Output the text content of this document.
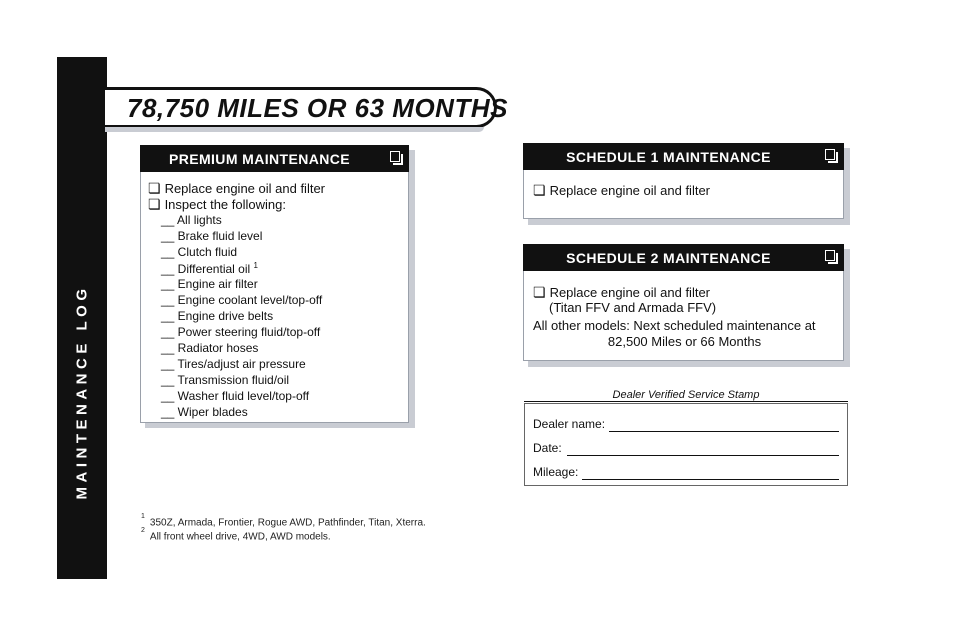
MAINTENANCE LOG
40
78,750 MILES OR 63 MONTHS
PREMIUM MAINTENANCE
❏ Replace engine oil and filter
❏ Inspect the following:
__ All lights
__ Brake fluid level
__ Clutch fluid
__ Differential oil $^1$
__ Engine air filter
__ Engine coolant level/top-off
__ Engine drive belts
__ Power steering fluid/top-off
__ Radiator hoses
__ Tires/adjust air pressure
__ Transmission fluid/oil
__ Washer fluid level/top-off
__ Wiper blades
SCHEDULE 1 MAINTENANCE
❏ Replace engine oil and filter
SCHEDULE 2 MAINTENANCE
❏ Replace engine oil and filter
(Titan FFV and Armada FFV)
All other models: Next scheduled maintenance at
82,500 Miles or 66 Months
Dealer Verified Service Stamp
Dealer name:
Date:
Mileage:
$^1$350Z, Armada, Frontier, Rogue AWD, Pathfinder, Titan, Xterra.
$^2$All front wheel drive, 4WD, AWD models.
